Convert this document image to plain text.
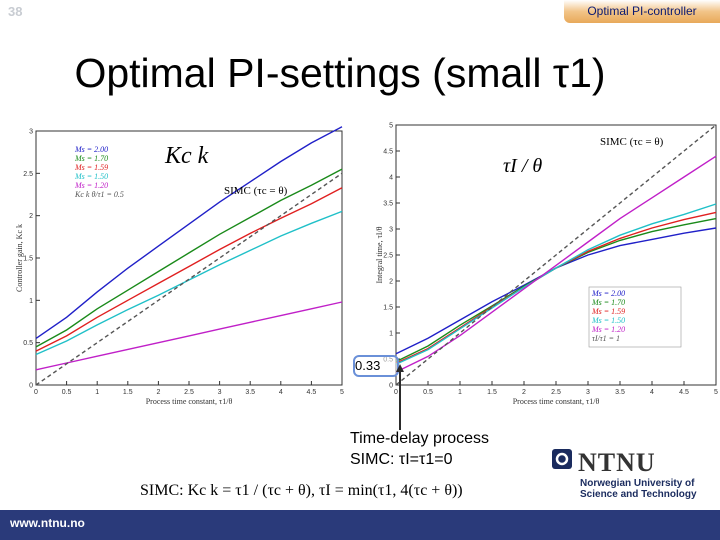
38	Optimal PI-controller
Optimal PI-settings (small τ1)
0	0.5	1	1.5	2	2.5	3	3.5	4	4.5	5
0
0.5
1
1.5
2
2.5
3
Process time constant, τ1/θ
Controller gain, Kc k
Kc k
SIMC (τc = θ)
Ms = 2.00
Ms = 1.70
Ms = 1.59
Ms = 1.50
Ms = 1.20
Kc k θ/τ1 = 0.5
0	0.5	1	1.5	2	2.5	3	3.5	4	4.5	5
0
1
1.5
2
2.5
3
3.5
4
4.5
5
Process time constant, τ1/θ
Integral time, τI/θ
τI / θ
SIMC (τc = θ)
Ms = 2.00
Ms = 1.70
Ms = 1.59
Ms = 1.50
Ms = 1.20
τI/τ1 = 1
0.33
Time-delay process
SIMC: τI=τ1=0	NTNU
Norwegian University of
Science and Technology
SIMC: Kc k = τ1 / (τc + θ), τI = min(τ1, 4(τc + θ))
www.ntnu.no
